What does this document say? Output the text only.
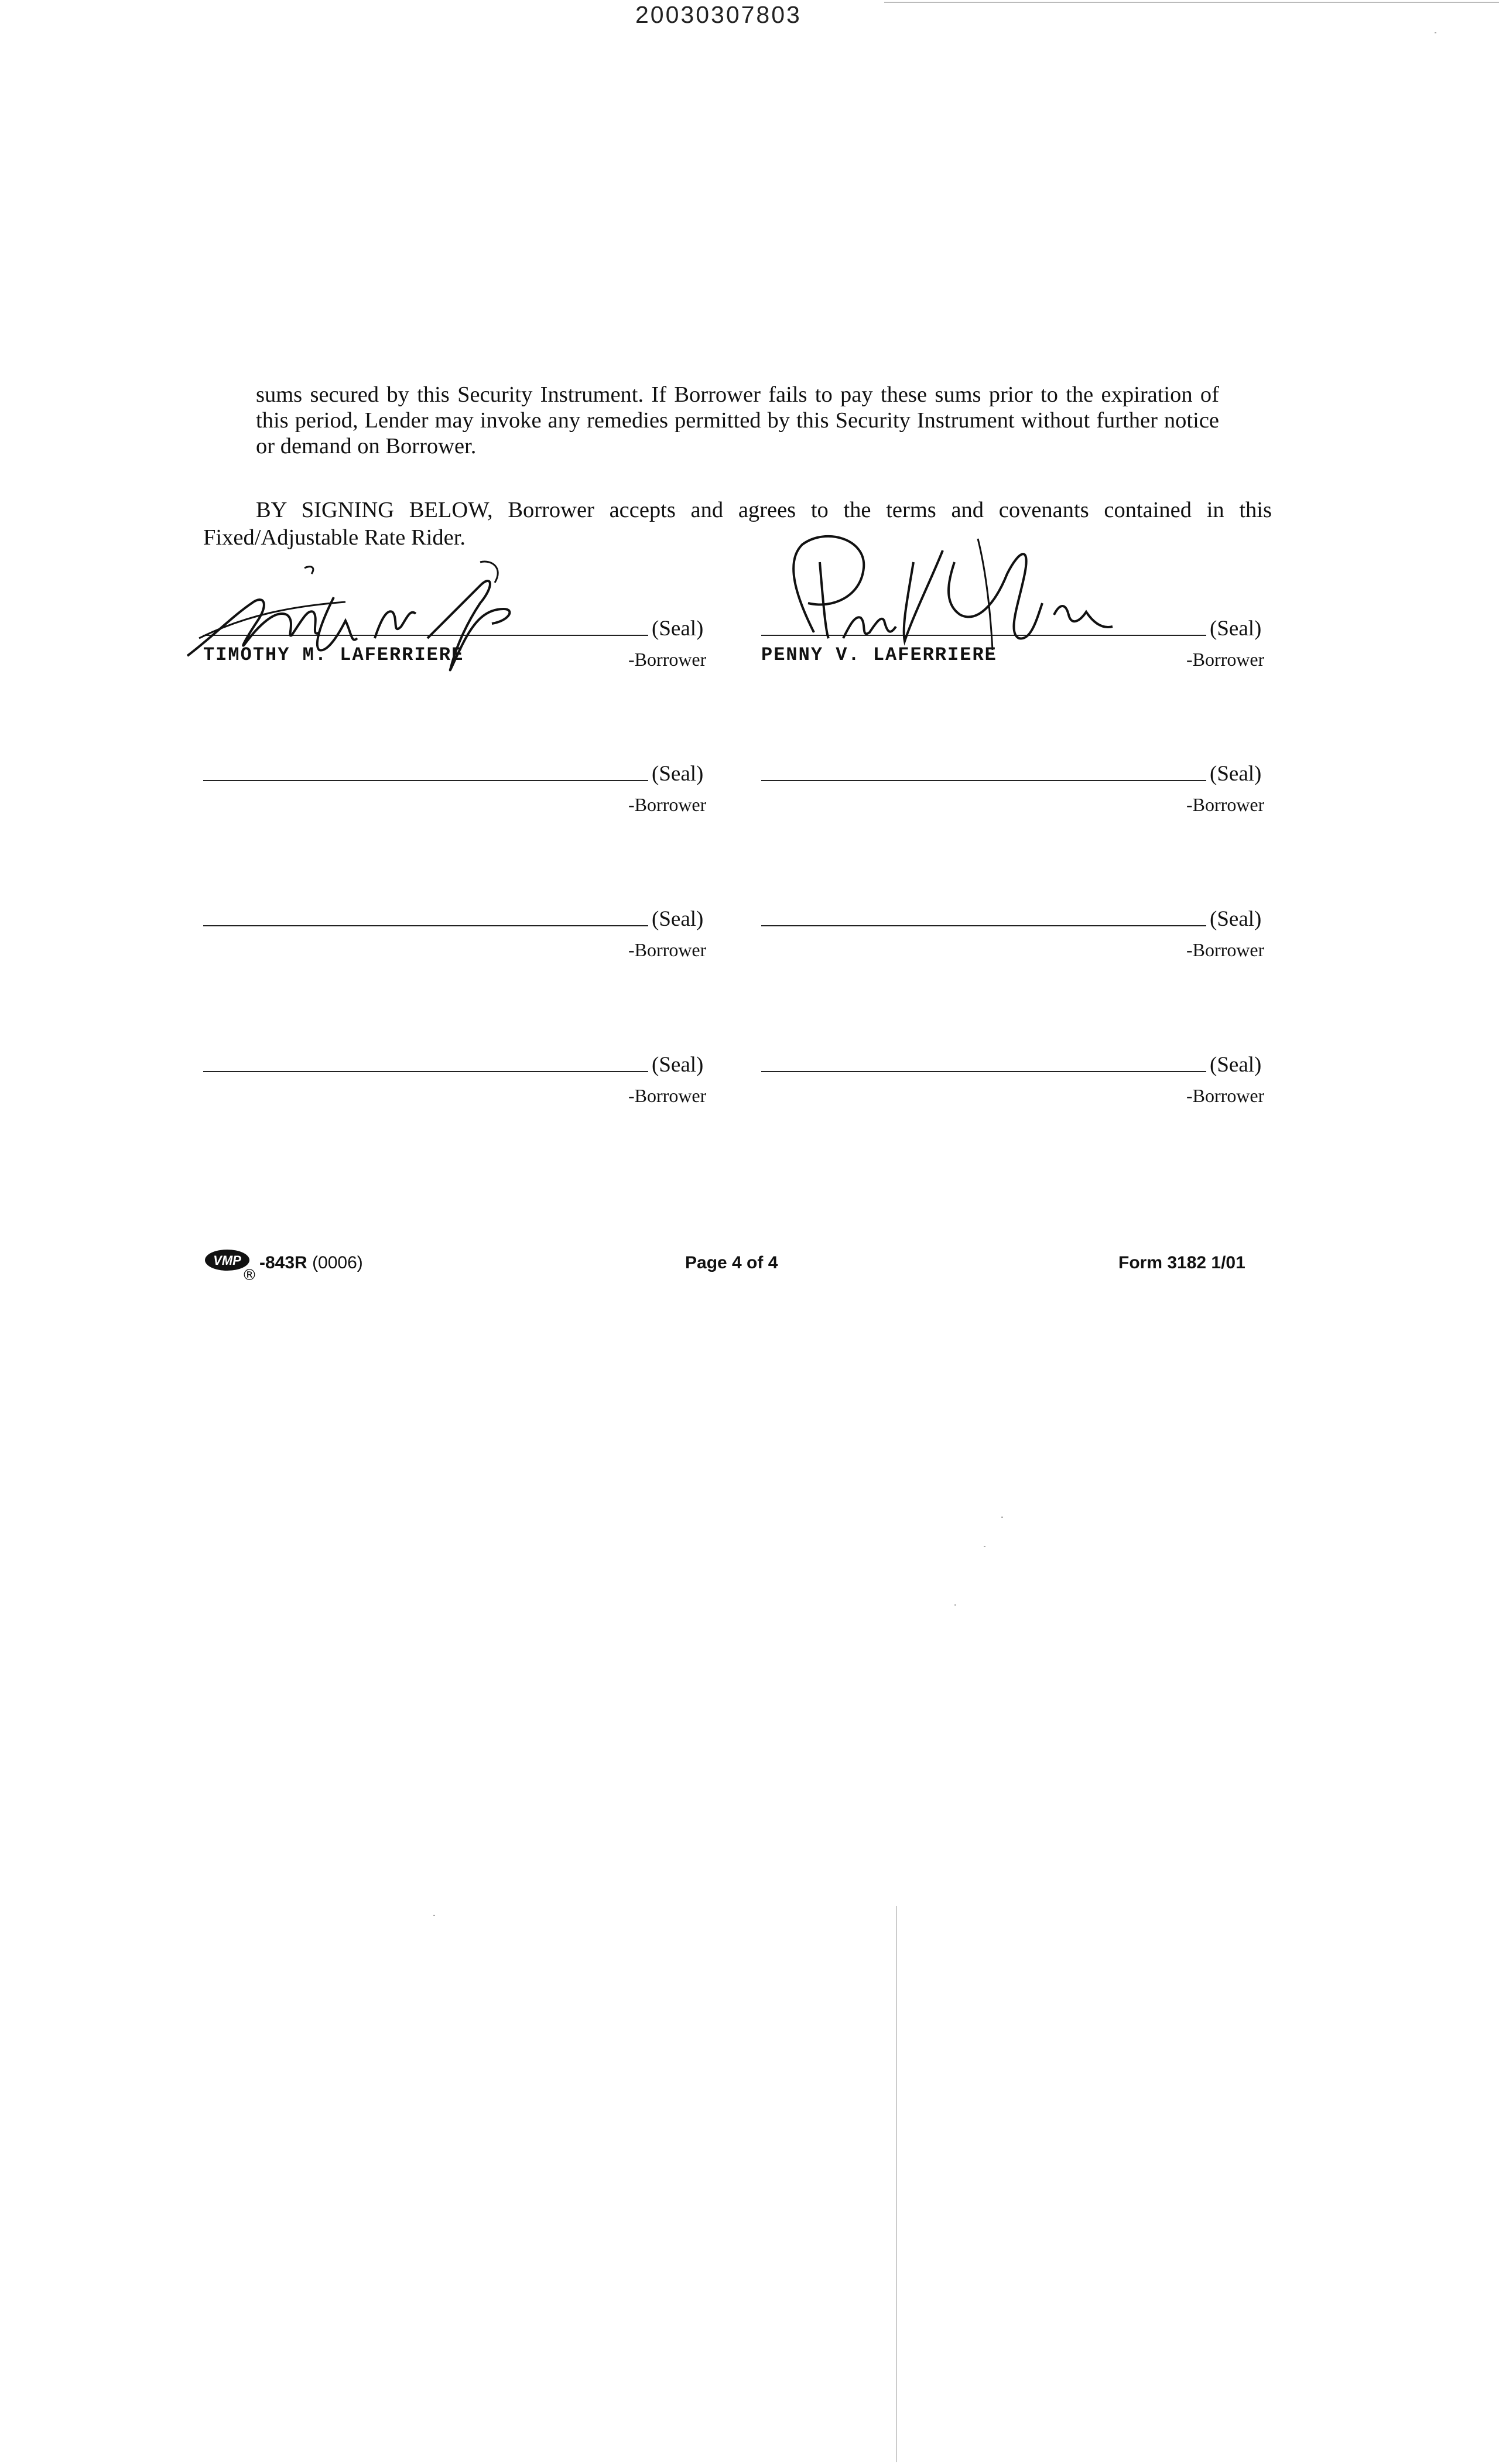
20030307803

sums secured by this Security Instrument. If Borrower fails to pay these sums prior to the expiration of this period, Lender may invoke any remedies permitted by this Security Instrument without further notice or demand on Borrower.

BY SIGNING BELOW, Borrower accepts and agrees to the terms and covenants contained in this Fixed/Adjustable Rate Rider.

(Seal)
-Borrower
TIMOTHY M. LAFERRIERE
(Seal)
-Borrower
PENNY V. LAFERRIERE
(Seal)
-Borrower
(Seal)
-Borrower
(Seal)
-Borrower
(Seal)
-Borrower
(Seal)
-Borrower
(Seal)
-Borrower
VMP
®
-843R (0006)	Page 4 of 4	Form 3182 1/01
